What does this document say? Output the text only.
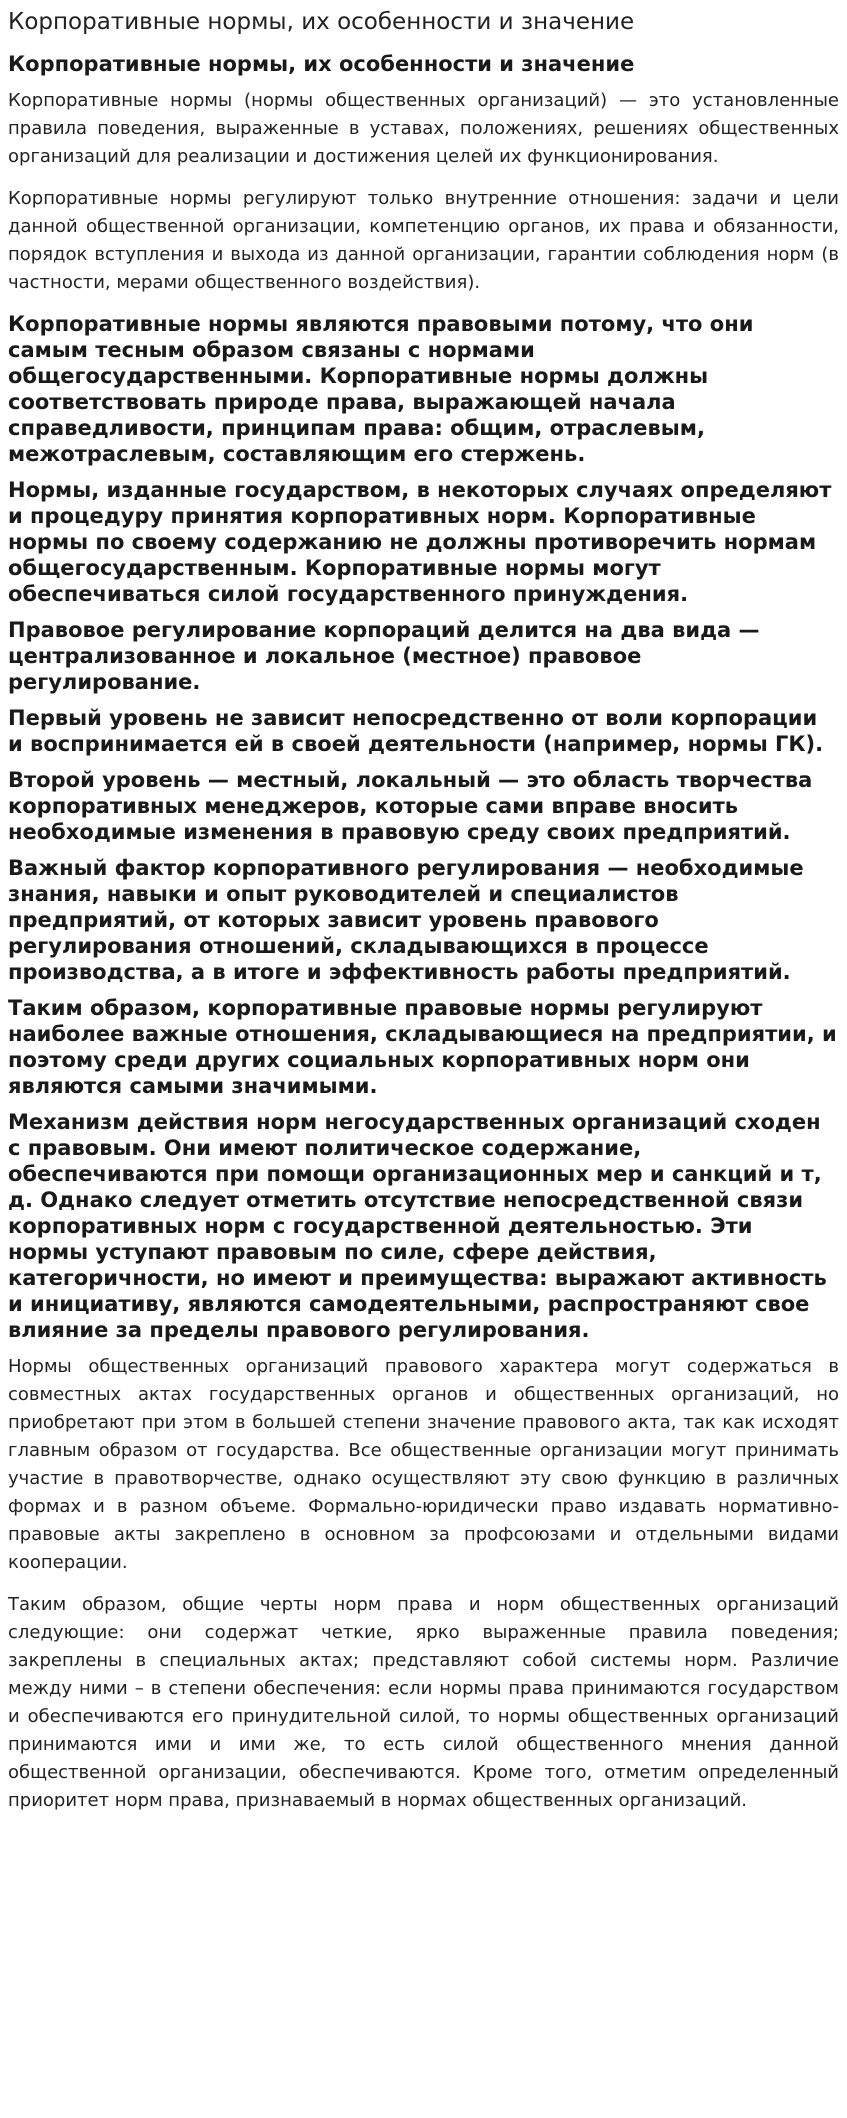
Корпоративные нормы, их особенности и значение
Корпоративные нормы, их особенности и значение

Корпоративные нормы (нормы общественных организаций) — это установленные правила поведения, выраженные в уставах, положениях, решениях общественных организаций для реализации и достижения целей их функционирования.

Корпоративные нормы регулируют только внутренние отношения: задачи и цели данной общественной организации, компетенцию органов, их права и обязанности, порядок вступления и выхода из данной организации, гарантии соблюдения норм (в частности, мерами общественного воздействия).

Корпоративные нормы являются правовыми потому, что они самым тесным образом связаны с нормами общегосударственными. Корпоративные нормы должны соответствовать природе права, выражающей начала справедливости, принципам права: общим, отраслевым, межотраслевым, составляющим его стержень.

Нормы, изданные государством, в некоторых случаях определяют и процедуру принятия корпоративных норм. Корпоративные нормы по своему содержанию не должны противоречить нормам общегосударственным. Корпоративные нормы могут обеспечиваться силой государственного принуждения.

Правовое регулирование корпораций делится на два вида — централизованное и локальное (местное) правовое регулирование.

Первый уровень не зависит непосредственно от воли корпорации и воспринимается ей в своей деятельности (например, нормы ГК).

Второй уровень — местный, локальный — это область творчества корпоративных менеджеров, которые сами вправе вносить необходимые изменения в правовую среду своих предприятий.

Важный фактор корпоративного регулирования — необходимые знания, навыки и опыт руководителей и специалистов предприятий, от которых зависит уровень правового регулирования отношений, складывающихся в процессе производства, а в итоге и эффективность работы предприятий.

Таким образом, корпоративные правовые нормы регулируют наиболее важные отношения, складывающиеся на предприятии, и поэтому среди других социальных корпоративных норм они являются самыми значимыми.

Механизм действия норм негосударственных организаций сходен с правовым. Они имеют политическое содержание, обеспечиваются при помощи организационных мер и санкций и т, д. Однако следует отметить отсутствие непосредственной связи корпоративных норм с государственной деятельностью. Эти нормы уступают правовым по силе, сфере действия, категоричности, но имеют и преимущества: выражают активность и инициативу, являются самодеятельными, распространяют свое влияние за пределы правового регулирования.

Нормы общественных организаций правового характера могут содержаться в совместных актах государственных органов и общественных организаций, но приобретают при этом в большей степени значение правового акта, так как исходят главным образом от государства. Все общественные организации могут принимать участие в правотворчестве, однако осуществляют эту свою функцию в различных формах и в разном объеме. Формально-юридически право издавать нормативно-правовые акты закреплено в основном за профсоюзами и отдельными видами кооперации.

Таким образом, общие черты норм права и норм общественных организаций следующие: они содержат четкие, ярко выраженные правила поведения; закреплены в специальных актах; представляют собой системы норм. Различие между ними – в степени обеспечения: если нормы права принимаются государством и обеспечиваются его принудительной силой, то нормы общественных организаций принимаются ими и ими же, то есть силой общественного мнения данной общественной организации, обеспечиваются. Кроме того, отметим определенный приоритет норм права, признаваемый в нормах общественных организаций.
